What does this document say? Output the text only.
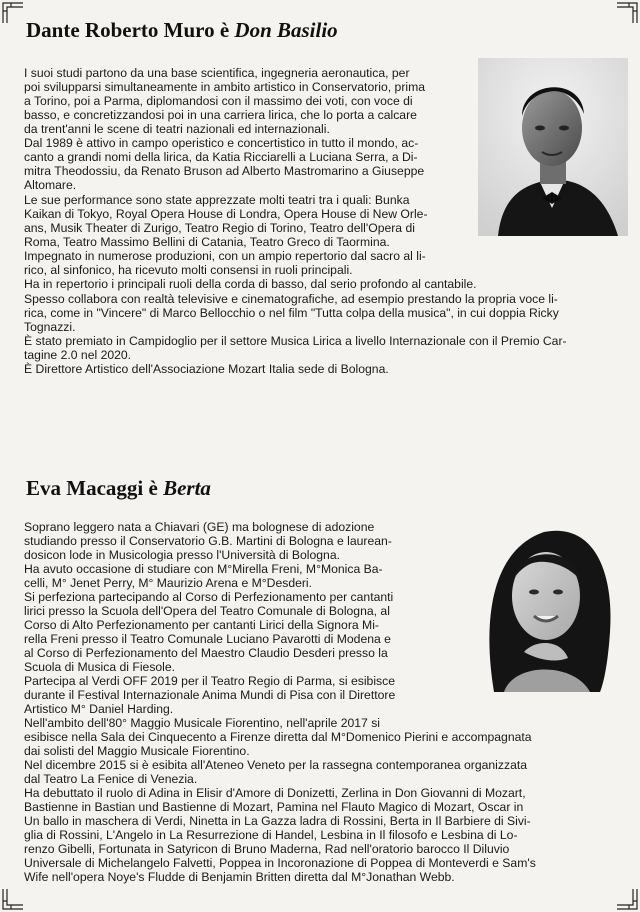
Dante Roberto Muro è Don Basilio
I suoi studi partono da una base scientifica, ingegneria aeronautica, per
poi svilupparsi simultaneamente in ambito artistico in Conservatorio, prima
a Torino, poi a Parma, diplomandosi con il massimo dei voti, con voce di
basso, e concretizzandosi poi in una carriera lirica, che lo porta a calcare
da trent'anni le scene di teatri nazionali ed internazionali.
Dal 1989 è attivo in campo operistico e concertistico in tutto il mondo, ac-
canto a grandi nomi della lirica, da Katia Ricciarelli a Luciana Serra, a Di-
mitra Theodossiu, da Renato Bruson ad Alberto Mastromarino a Giuseppe
Altomare.
Le sue performance sono state apprezzate molti teatri tra i quali: Bunka
Kaikan di Tokyo, Royal Opera House di Londra, Opera House di New Orle-
ans, Musik Theater di Zurigo, Teatro Regio di Torino, Teatro dell'Opera di
Roma, Teatro Massimo Bellini di Catania, Teatro Greco di Taormina.
Impegnato in numerose produzioni, con un ampio repertorio dal sacro al li-
rico, al sinfonico, ha ricevuto molti consensi in ruoli principali.
Ha in repertorio i principali ruoli della corda di basso, dal serio profondo al cantabile.
Spesso collabora con realtà televisive e cinematografiche, ad esempio prestando la propria voce li-
rica, come in "Vincere" di Marco Bellocchio o nel film "Tutta colpa della musica", in cui doppia Ricky
Tognazzi.
È stato premiato in Campidoglio per il settore Musica Lirica a livello Internazionale con il Premio Car-
tagine 2.0 nel 2020.
È Direttore Artistico dell'Associazione Mozart Italia sede di Bologna.
Eva Macaggi è Berta
Soprano leggero nata a Chiavari (GE) ma bolognese di adozione
studiando presso il Conservatorio G.B. Martini di Bologna e laurean-
dosicon lode in Musicologia presso l'Università di Bologna.
Ha avuto occasione di studiare con M°Mirella Freni, M°Monica Ba-
celli, M° Jenet Perry, M° Maurizio Arena e M°Desderi.
Si perfeziona partecipando al Corso di Perfezionamento per cantanti
lirici presso la Scuola dell'Opera del Teatro Comunale di Bologna, al
Corso di Alto Perfezionamento per cantanti Lirici della Signora Mi-
rella Freni presso il Teatro Comunale Luciano Pavarotti di Modena e
al Corso di Perfezionamento del Maestro Claudio Desderi presso la
Scuola di Musica di Fiesole.
Partecipa al Verdi OFF 2019 per il Teatro Regio di Parma, si esibisce
durante il Festival Internazionale Anima Mundi di Pisa con il Direttore
Artistico M° Daniel Harding.
Nell'ambito dell'80° Maggio Musicale Fiorentino, nell'aprile 2017 si
esibisce nella Sala dei Cinquecento a Firenze diretta dal M°Domenico Pierini e accompagnata
dai solisti del Maggio Musicale Fiorentino.
Nel dicembre 2015 si è esibita all'Ateneo Veneto per la rassegna contemporanea organizzata
dal Teatro La Fenice di Venezia.
Ha debuttato il ruolo di Adina in Elisir d'Amore di Donizetti, Zerlina in Don Giovanni di Mozart,
Bastienne in Bastian und Bastienne di Mozart, Pamina nel Flauto Magico di Mozart, Oscar in
Un ballo in maschera di Verdi, Ninetta in La Gazza ladra di Rossini, Berta in Il Barbiere di Sivi-
glia di Rossini, L'Angelo in La Resurrezione di Handel, Lesbina in Il filosofo e Lesbina di Lo-
renzo Gibelli, Fortunata in Satyricon di Bruno Maderna, Rad nell'oratorio barocco Il Diluvio
Universale di Michelangelo Falvetti, Poppea in Incoronazione di Poppea di Monteverdi e Sam's
Wife nell'opera Noye's Fludde di Benjamin Britten diretta dal M°Jonathan Webb.
